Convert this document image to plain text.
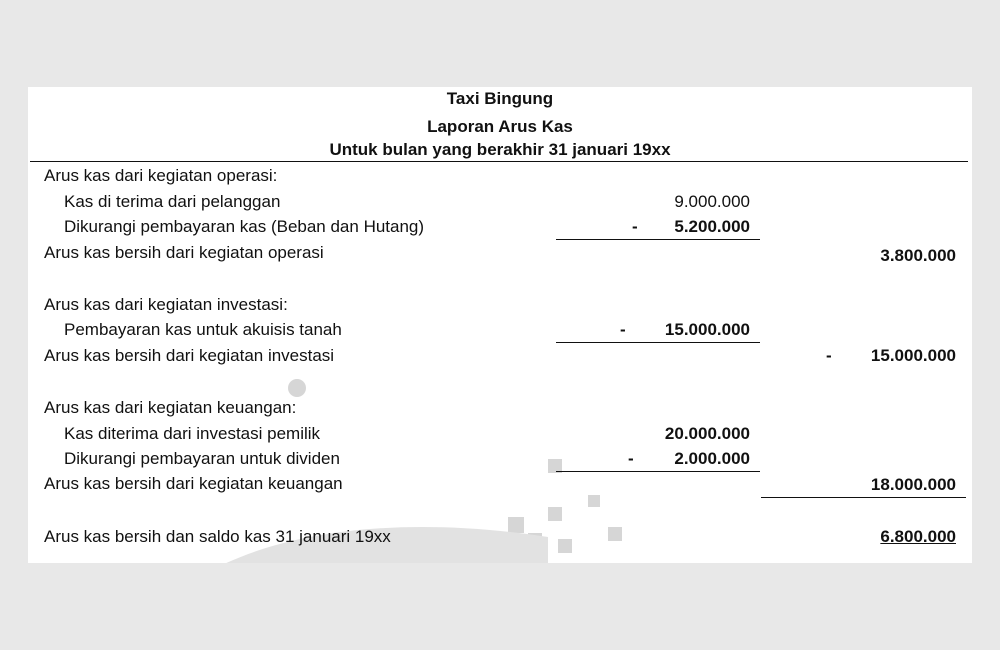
Taxi Bingung
Laporan Arus Kas
Untuk bulan yang berakhir 31 januari 19xx
Arus kas dari kegiatan operasi:
Kas di terima dari pelanggan	9.000.000
Dikurangi pembayaran kas (Beban dan Hutang)	-	5.200.000
Arus kas bersih dari kegiatan operasi	3.800.000
Arus kas dari kegiatan investasi:
Pembayaran kas untuk akuisis tanah	-	15.000.000
Arus kas bersih dari kegiatan investasi	-	15.000.000
Arus kas dari kegiatan keuangan:
Kas diterima dari investasi pemilik	20.000.000
Dikurangi pembayaran untuk dividen	-	2.000.000
Arus kas bersih dari kegiatan keuangan	18.000.000
Arus kas bersih dan saldo kas 31 januari 19xx	6.800.000
